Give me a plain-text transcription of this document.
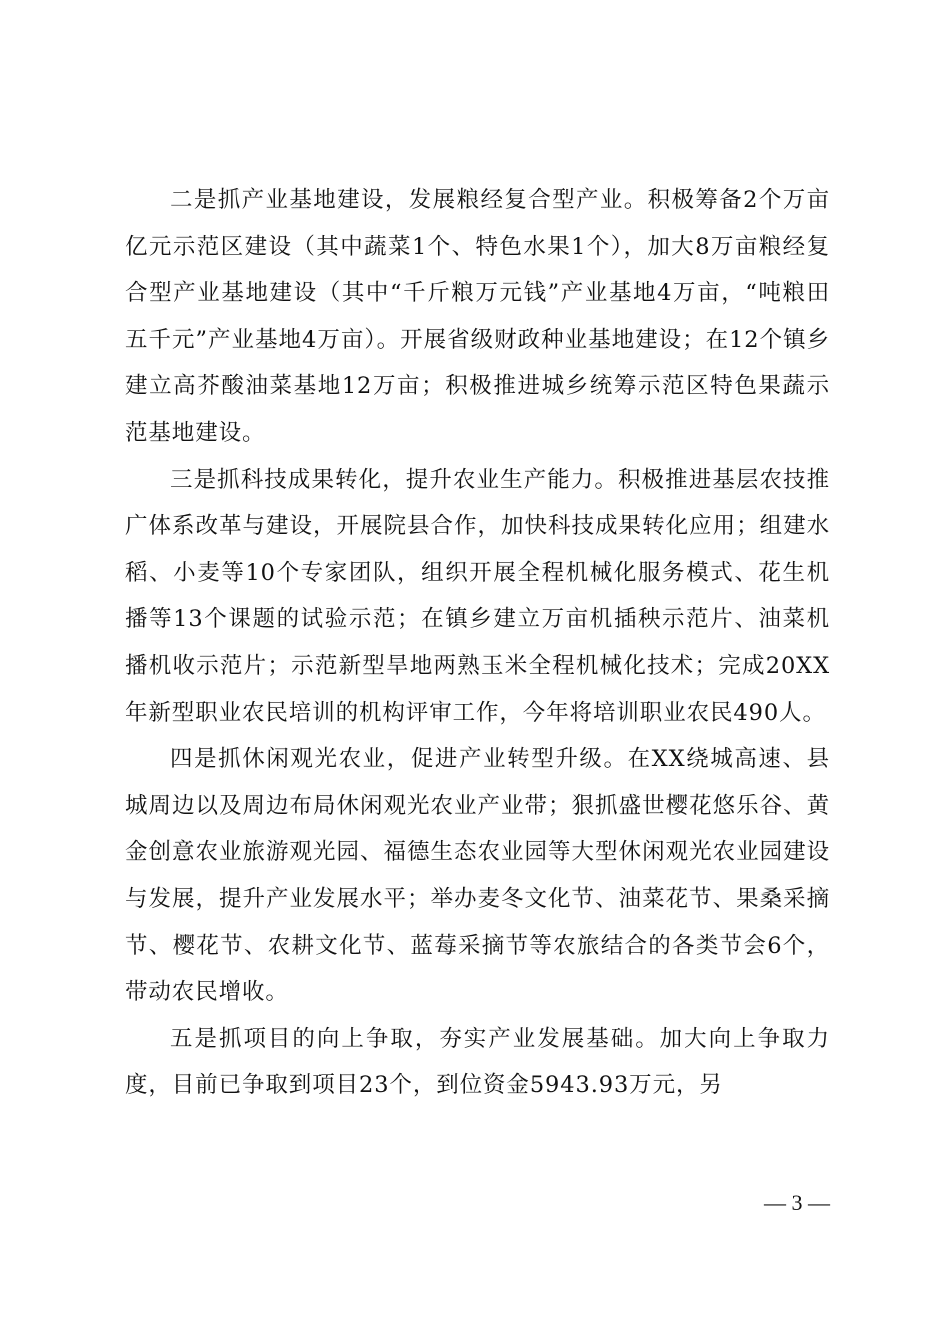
二是抓产业基地建设，发展粮经复合型产业。积极筹备2个万亩亿元示范区建设（其中蔬菜1个、特色水果1个），加大8万亩粮经复合型产业基地建设（其中“千斤粮万元钱”产业基地4万亩，“吨粮田五千元”产业基地4万亩）。开展省级财政种业基地建设；在12个镇乡建立高芥酸油菜基地12万亩；积极推进城乡统筹示范区特色果蔬示范基地建设。

三是抓科技成果转化，提升农业生产能力。积极推进基层农技推广体系改革与建设，开展院县合作，加快科技成果转化应用；组建水稻、小麦等10个专家团队，组织开展全程机械化服务模式、花生机播等13个课题的试验示范；在镇乡建立万亩机插秧示范片、油菜机播机收示范片；示范新型旱地两熟玉米全程机械化技术；完成20XX年新型职业农民培训的机构评审工作，今年将培训职业农民490人。

四是抓休闲观光农业，促进产业转型升级。在XX绕城高速、县城周边以及周边布局休闲观光农业产业带；狠抓盛世樱花悠乐谷、黄金创意农业旅游观光园、福德生态农业园等大型休闲观光农业园建设与发展，提升产业发展水平；举办麦冬文化节、油菜花节、果桑采摘节、樱花节、农耕文化节、蓝莓采摘节等农旅结合的各类节会6个，带动农民增收。

五是抓项目的向上争取，夯实产业发展基础。加大向上争取力度，目前已争取到项目23个，到位资金5943.93万元，另

— 3 —
